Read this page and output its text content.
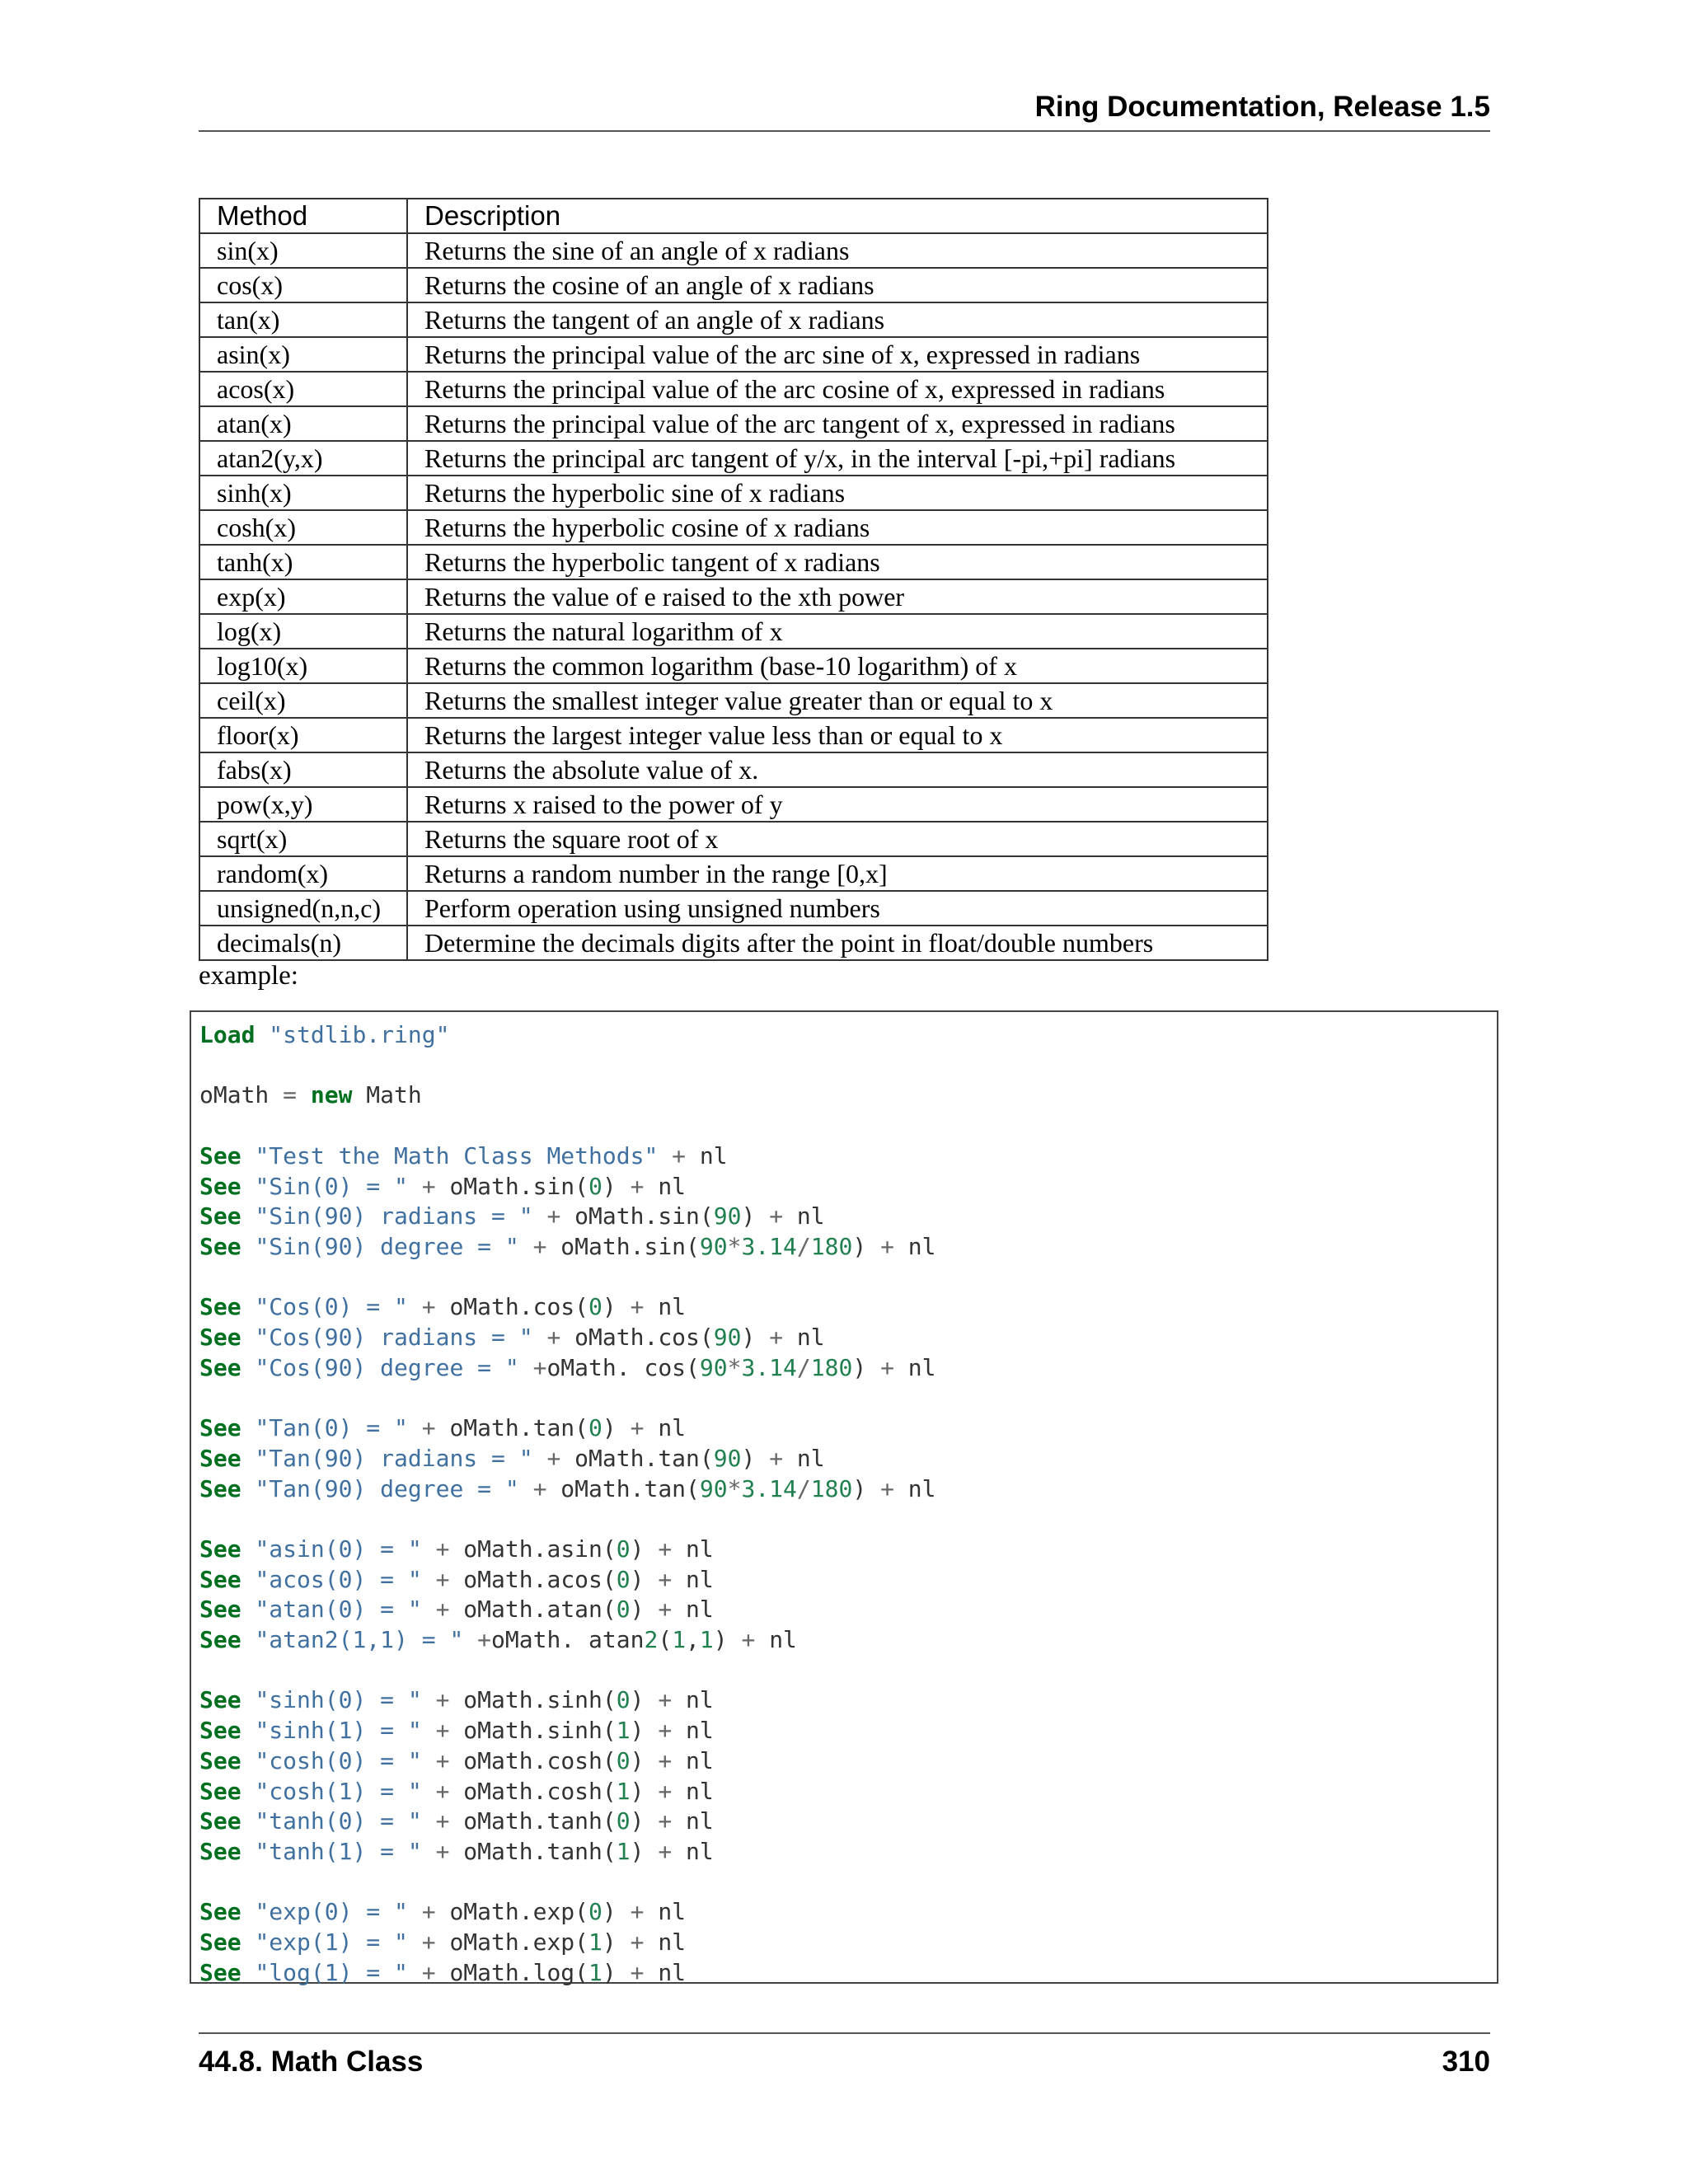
Ring Documentation, Release 1.5
Method	Description
sin(x)	Returns the sine of an angle of x radians
cos(x)	Returns the cosine of an angle of x radians
tan(x)	Returns the tangent of an angle of x radians
asin(x)	Returns the principal value of the arc sine of x, expressed in radians
acos(x)	Returns the principal value of the arc cosine of x, expressed in radians
atan(x)	Returns the principal value of the arc tangent of x, expressed in radians
atan2(y,x)	Returns the principal arc tangent of y/x, in the interval [-pi,+pi] radians
sinh(x)	Returns the hyperbolic sine of x radians
cosh(x)	Returns the hyperbolic cosine of x radians
tanh(x)	Returns the hyperbolic tangent of x radians
exp(x)	Returns the value of e raised to the xth power
log(x)	Returns the natural logarithm of x
log10(x)	Returns the common logarithm (base-10 logarithm) of x
ceil(x)	Returns the smallest integer value greater than or equal to x
floor(x)	Returns the largest integer value less than or equal to x
fabs(x)	Returns the absolute value of x.
pow(x,y)	Returns x raised to the power of y
sqrt(x)	Returns the square root of x
random(x)	Returns a random number in the range [0,x]
unsigned(n,n,c)	Perform operation using unsigned numbers
decimals(n)	Determine the decimals digits after the point in float/double numbers
example:
Load "stdlib.ring"
oMath = new Math
See "Test the Math Class Methods" + nl
See "Sin(0) = " + oMath.sin(0) + nl
See "Sin(90) radians = " + oMath.sin(90) + nl
See "Sin(90) degree = " + oMath.sin(90*3.14/180) + nl
See "Cos(0) = " + oMath.cos(0) + nl
See "Cos(90) radians = " + oMath.cos(90) + nl
See "Cos(90) degree = " +oMath. cos(90*3.14/180) + nl
See "Tan(0) = " + oMath.tan(0) + nl
See "Tan(90) radians = " + oMath.tan(90) + nl
See "Tan(90) degree = " + oMath.tan(90*3.14/180) + nl
See "asin(0) = " + oMath.asin(0) + nl
See "acos(0) = " + oMath.acos(0) + nl
See "atan(0) = " + oMath.atan(0) + nl
See "atan2(1,1) = " +oMath. atan2(1,1) + nl
See "sinh(0) = " + oMath.sinh(0) + nl
See "sinh(1) = " + oMath.sinh(1) + nl
See "cosh(0) = " + oMath.cosh(0) + nl
See "cosh(1) = " + oMath.cosh(1) + nl
See "tanh(0) = " + oMath.tanh(0) + nl
See "tanh(1) = " + oMath.tanh(1) + nl
See "exp(0) = " + oMath.exp(0) + nl
See "exp(1) = " + oMath.exp(1) + nl
See "log(1) = " + oMath.log(1) + nl
44.8. Math Class	310
